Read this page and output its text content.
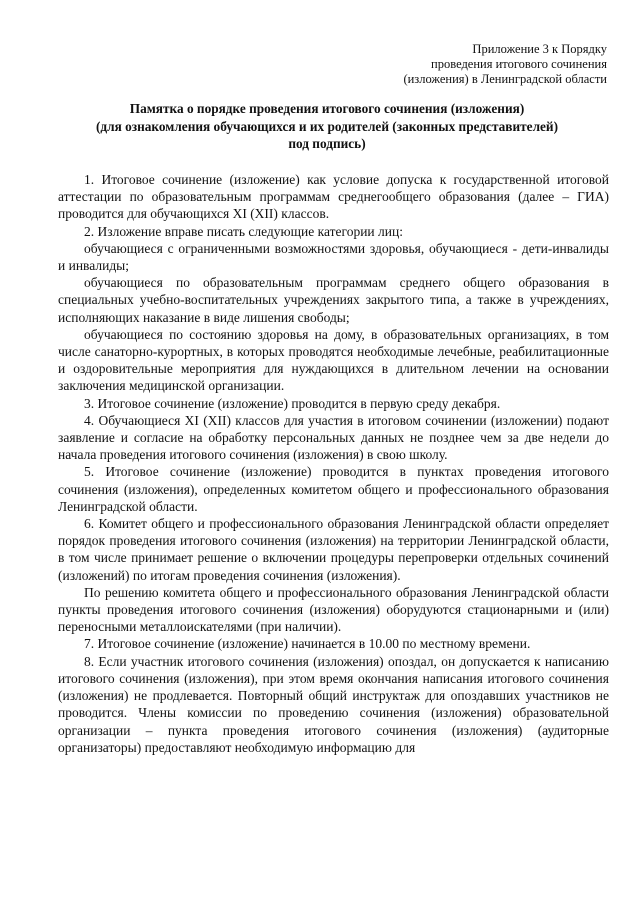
Приложение 3 к Порядку
проведения итогового сочинения
(изложения) в Ленинградской области
Памятка о порядке проведения итогового сочинения (изложения)
(для ознакомления обучающихся и их родителей (законных представителей)
под подпись)

1. Итоговое сочинение (изложение) как условие допуска к государственной итоговой аттестации по образовательным программам среднегообщего образования (далее – ГИА) проводится для обучающихся XI (XII) классов.

2. Изложение вправе писать следующие категории лиц:

обучающиеся с ограниченными возможностями здоровья, обучающиеся - дети-инвалиды и инвалиды;

обучающиеся по образовательным программам среднего общего образования в специальных учебно-воспитательных учреждениях закрытого типа, а также в учреждениях, исполняющих наказание в виде лишения свободы;

обучающиеся по состоянию здоровья на дому, в образовательных организациях, в том числе санаторно-курортных, в которых проводятся необходимые лечебные, реабилитационные и оздоровительные мероприятия для нуждающихся в длительном лечении на основании заключения медицинской организации.

3. Итоговое сочинение (изложение) проводится в первую среду декабря.

4. Обучающиеся XI (XII) классов для участия в итоговом сочинении (изложении) подают заявление и согласие на обработку персональных данных не позднее чем за две недели до начала проведения итогового сочинения (изложения) в свою школу.

5. Итоговое сочинение (изложение) проводится в пунктах проведения итогового сочинения (изложения), определенных комитетом общего и профессионального образования Ленинградской области.

6. Комитет общего и профессионального образования Ленинградской области определяет порядок проведения итогового сочинения (изложения) на территории Ленинградской области, в том числе принимает решение о включении процедуры перепроверки отдельных сочинений (изложений) по итогам проведения сочинения (изложения).

По решению комитета общего и профессионального образования Ленинградской области пункты проведения итогового сочинения (изложения) оборудуются стационарными и (или) переносными металлоискателями (при наличии).

7. Итоговое сочинение (изложение) начинается в 10.00 по местному времени.

8. Если участник итогового сочинения (изложения) опоздал, он допускается к написанию итогового сочинения (изложения), при этом время окончания написания итогового сочинения (изложения) не продлевается. Повторный общий инструктаж для опоздавших участников не проводится. Члены комиссии по проведению сочинения (изложения) образовательной организации – пункта проведения итогового сочинения (изложения) (аудиторные организаторы) предоставляют необходимую информацию для
